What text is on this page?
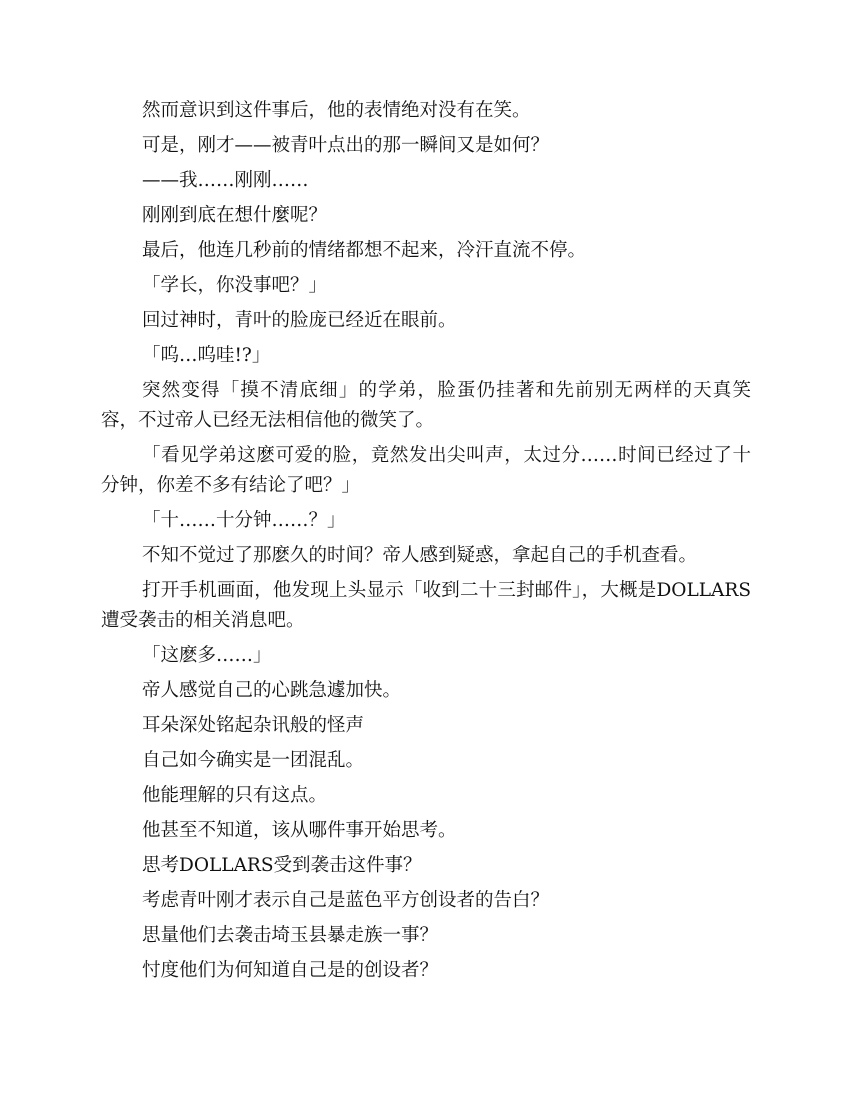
然而意识到这件事后，他的表情绝对没有在笑。

可是，刚才——被青叶点出的那一瞬间又是如何？

——我……刚刚……

刚刚到底在想什麼呢？

最后，他连几秒前的情绪都想不起来，冷汗直流不停。

「学长，你没事吧？」

回过神时，青叶的脸庞已经近在眼前。

「呜…呜哇!?」

突然变得「摸不清底细」的学弟，脸蛋仍挂著和先前别无两样的天真笑容，不过帝人已经无法相信他的微笑了。

「看见学弟这麽可爱的脸，竟然发出尖叫声，太过分……时间已经过了十分钟，你差不多有结论了吧？」

「十……十分钟……？」

不知不觉过了那麽久的时间？帝人感到疑惑，拿起自己的手机查看。

打开手机画面，他发现上头显示「收到二十三封邮件」，大概是DOLLARS遭受袭击的相关消息吧。

「这麽多……」

帝人感觉自己的心跳急遽加快。

耳朵深处铭起杂讯般的怪声

自己如今确实是一团混乱。

他能理解的只有这点。

他甚至不知道，该从哪件事开始思考。

思考DOLLARS受到袭击这件事？

考虑青叶刚才表示自己是蓝色平方创设者的告白？

思量他们去袭击埼玉县暴走族一事？

忖度他们为何知道自己是的创设者？
